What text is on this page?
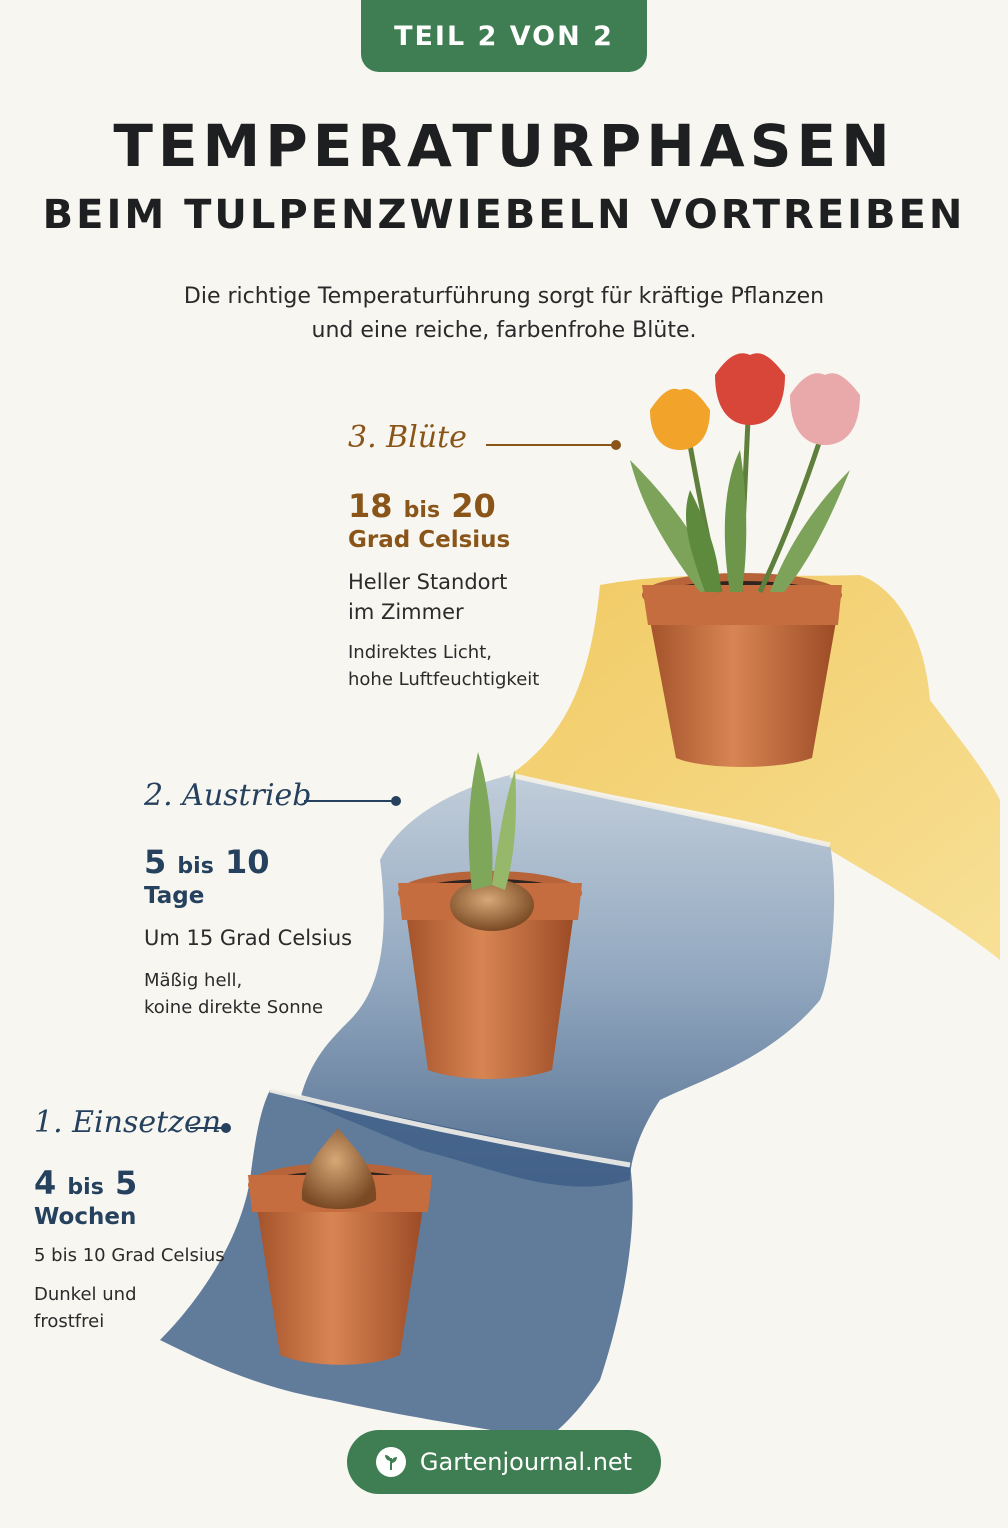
TEIL 2 VON 2
TEMPERATURPHASEN
BEIM TULPENZWIEBELN VORTREIBEN
Die richtige Temperaturführung sorgt für kräftige Pflanzen
und eine reiche, farbenfrohe Blüte.
3. Blüte
18 bis 20
Grad Celsius
Heller Standort
im Zimmer
Indirektes Licht,
hohe Luftfeuchtigkeit
2. Austrieb
5 bis 10
Tage
Um 15 Grad Celsius
Mäßig hell,
koine direkte Sonne
1. Einsetzen
4 bis 5
Wochen
5 bis 10 Grad Celsius
Dunkel und
frostfrei
Gartenjournal.net
